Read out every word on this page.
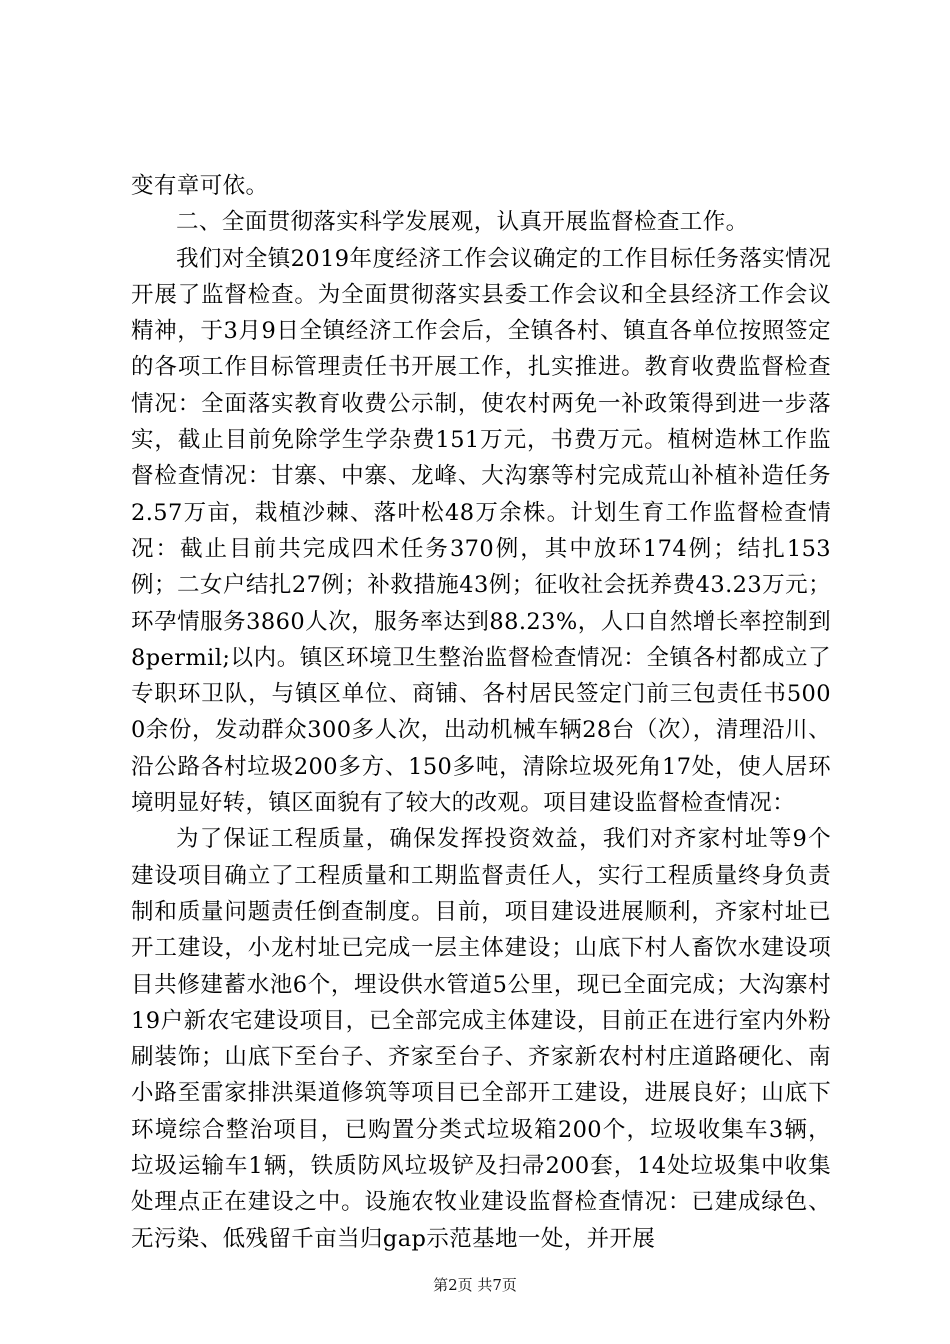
变有章可依。

二、全面贯彻落实科学发展观，认真开展监督检查工作。

我们对全镇2019年度经济工作会议确定的工作目标任务落实情况开展了监督检查。为全面贯彻落实县委工作会议和全县经济工作会议精神，于3月9日全镇经济工作会后，全镇各村、镇直各单位按照签定的各项工作目标管理责任书开展工作，扎实推进。教育收费监督检查情况：全面落实教育收费公示制，使农村两免一补政策得到进一步落实，截止目前免除学生学杂费151万元，书费万元。植树造林工作监督检查情况：甘寨、中寨、龙峰、大沟寨等村完成荒山补植补造任务2.57万亩，栽植沙棘、落叶松48万余株。计划生育工作监督检查情况：截止目前共完成四术任务370例，其中放环174例；结扎153例；二女户结扎27例；补救措施43例；征收社会抚养费43.23万元；环孕情服务3860人次，服务率达到88.23%，人口自然增长率控制到8permil;以内。镇区环境卫生整治监督检查情况：全镇各村都成立了专职环卫队，与镇区单位、商铺、各村居民签定门前三包责任书5000余份，发动群众300多人次，出动机械车辆28台（次），清理沿川、沿公路各村垃圾200多方、150多吨，清除垃圾死角17处，使人居环境明显好转，镇区面貌有了较大的改观。项目建设监督检查情况：

为了保证工程质量，确保发挥投资效益，我们对齐家村址等9个建设项目确立了工程质量和工期监督责任人，实行工程质量终身负责制和质量问题责任倒查制度。目前，项目建设进展顺利，齐家村址已开工建设，小龙村址已完成一层主体建设；山底下村人畜饮水建设项目共修建蓄水池6个，埋设供水管道5公里，现已全面完成；大沟寨村19户新农宅建设项目，已全部完成主体建设，目前正在进行室内外粉刷装饰；山底下至台子、齐家至台子、齐家新农村村庄道路硬化、南小路至雷家排洪渠道修筑等项目已全部开工建设，进展良好；山底下环境综合整治项目，已购置分类式垃圾箱200个，垃圾收集车3辆，垃圾运输车1辆，铁质防风垃圾铲及扫帚200套，14处垃圾集中收集处理点正在建设之中。设施农牧业建设监督检查情况：已建成绿色、无污染、低残留千亩当归gap示范基地一处，并开展

第2页 共7页
